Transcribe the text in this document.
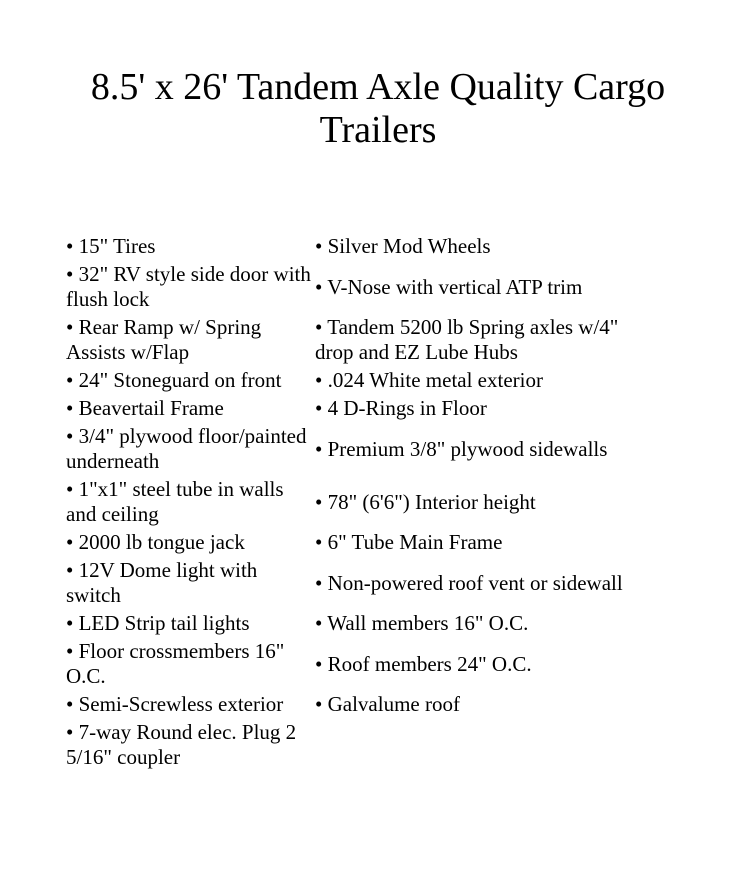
8.5' x 26' Tandem Axle Quality Cargo Trailers
• 15" Tires	• Silver Mod Wheels
• 32" RV style side door with flush lock	• V-Nose with vertical ATP trim
• Rear Ramp w/ Spring Assists w/Flap	• Tandem 5200 lb Spring axles w/4" drop and EZ Lube Hubs
• 24" Stoneguard on front	• .024 White metal exterior
• Beavertail Frame	• 4 D-Rings in Floor
• 3/4" plywood floor/painted underneath	• Premium 3/8" plywood sidewalls
• 1"x1" steel tube in walls and ceiling	• 78" (6'6") Interior height
• 2000 lb tongue jack	• 6" Tube Main Frame
• 12V Dome light with switch	• Non-powered roof vent or sidewall
• LED Strip tail lights	• Wall members 16" O.C.
• Floor crossmembers 16" O.C.	• Roof members 24" O.C.
• Semi-Screwless exterior	• Galvalume roof
• 7-way Round elec. Plug 2 5/16" coupler	
